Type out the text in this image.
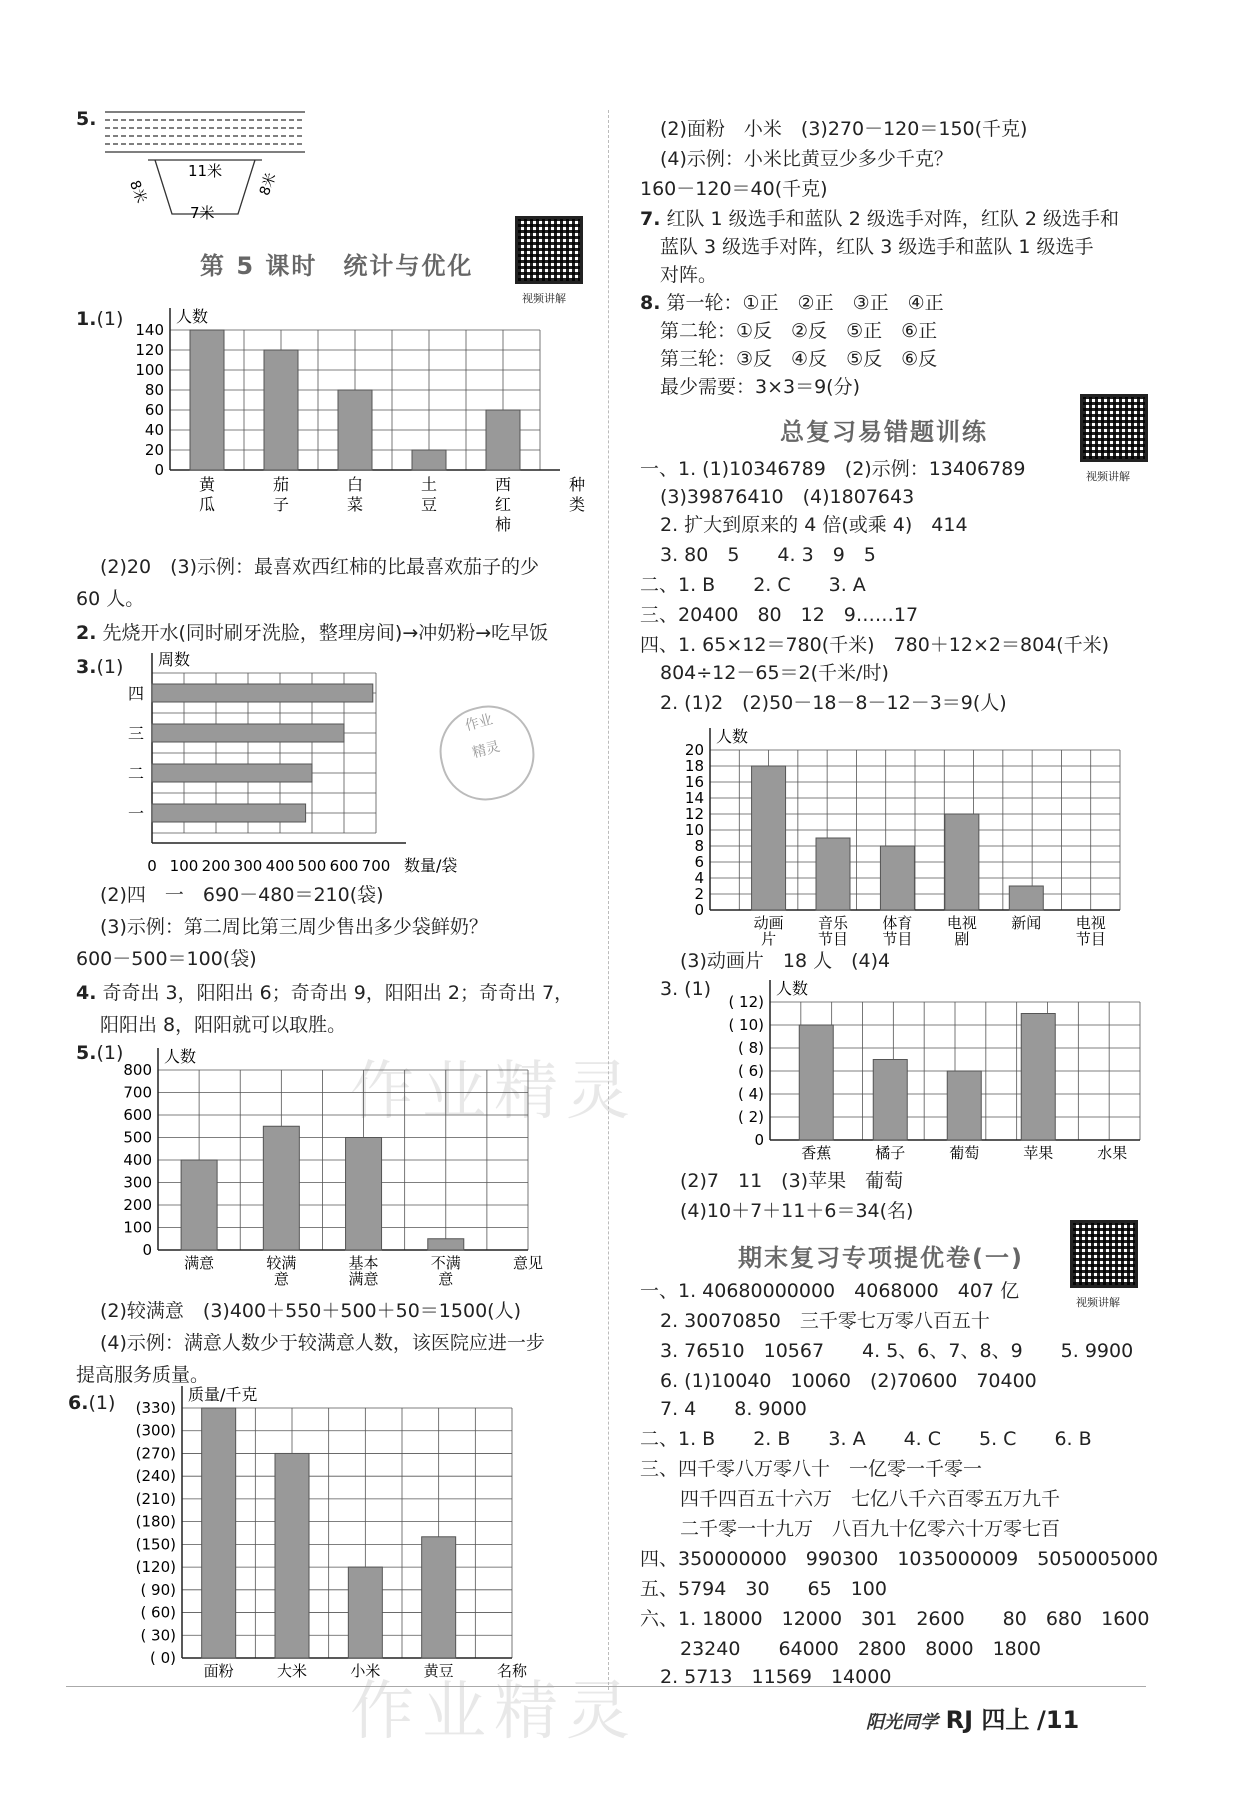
作业精灵
作业精灵
5.
11米
7米
8米	8米
第 5 课时　统计与优化
视频讲解
1.(1)
0
20
40
60
80
100
120
140
人数
黄
瓜
茄
子
白
菜
土
豆
西
红
柿
种
类
(2)20　(3)示例：最喜欢西红柿的比最喜欢茄子的少
60 人。
2. 先烧开水(同时刷牙洗脸，整理房间)→冲奶粉→吃早饭
3.(1)
0 100 200 300 400 500 600 700
周数
数量/袋
一
二
三
四
作业
精灵
(2)四　一　690－480＝210(袋)
(3)示例：第二周比第三周少售出多少袋鲜奶？
600－500＝100(袋)
4. 奇奇出 3，阳阳出 6；奇奇出 9，阳阳出 2；奇奇出 7，
阳阳出 8，阳阳就可以取胜。
5.(1)
0
100
200
300
400
500
600
700
800
人数
满意	较满
意
基本
满意
不满
意
意见
(2)较满意　(3)400＋550＋500＋50＝1500(人)
(4)示例：满意人数少于较满意人数，该医院应进一步
提高服务质量。
6.(1)
( 0)
( 30)
( 60)
( 90)
(120)
(150)
(180)
(210)
(240)
(270)
(300)
(330)
质量/千克
面粉	大米	小米	黄豆	名称
(2)面粉　小米　(3)270－120＝150(千克)
(4)示例：小米比黄豆少多少千克？
160－120＝40(千克)
7. 红队 1 级选手和蓝队 2 级选手对阵，红队 2 级选手和
蓝队 3 级选手对阵，红队 3 级选手和蓝队 1 级选手
对阵。
8. 第一轮：①正　②正　③正　④正
第二轮：①反　②反　⑤正　⑥正
第三轮：③反　④反　⑤反　⑥反
最少需要：3×3＝9(分)
总复习易错题训练
视频讲解
一、1. (1)10346789　(2)示例：13406789
(3)39876410　(4)1807643
2. 扩大到原来的 4 倍(或乘 4)　414
3. 80　5　　4. 3　9　5
二、1. B　　2. C　　3. A
三、20400　80　12　9……17
四、1. 65×12＝780(千米)　780＋12×2＝804(千米)
804÷12－65＝2(千米/时)
2. (1)2　(2)50－18－8－12－3＝9(人)
0
2
4
6
8
10
12
14
16
18
20
人数
动画
片
音乐
节目
体育
节目
电视
剧
新闻 电视
节目
(3)动画片　18 人　(4)4
3. (1)
0
( 2)
( 4)
( 6)
( 8)
( 10)
( 12)
人数
香蕉	橘子	葡萄	苹果	水果
(2)7　11　(3)苹果　葡萄
(4)10＋7＋11＋6＝34(名)
期末复习专项提优卷(一)
视频讲解
一、1. 40680000000　4068000　407 亿
2. 30070850　三千零七万零八百五十
3. 76510　10567　　4. 5、6、7、8、9　　5. 9900
6. (1)10040　10060　(2)70600　70400
7. 4　　8. 9000
二、1. B　　2. B　　3. A　　4. C　　5. C　　6. B
三、四千零八万零八十　一亿零一千零一
四千四百五十六万　七亿八千六百零五万九千
二千零一十九万　八百九十亿零六十万零七百
四、350000000　990300　1035000009　5050005000
五、5794　30　　65　100
六、1. 18000　12000　301　2600　　80　680　1600
23240　　64000　2800　8000　1800
2. 5713　11569　14000
阳光同学 RJ 四上 /11
